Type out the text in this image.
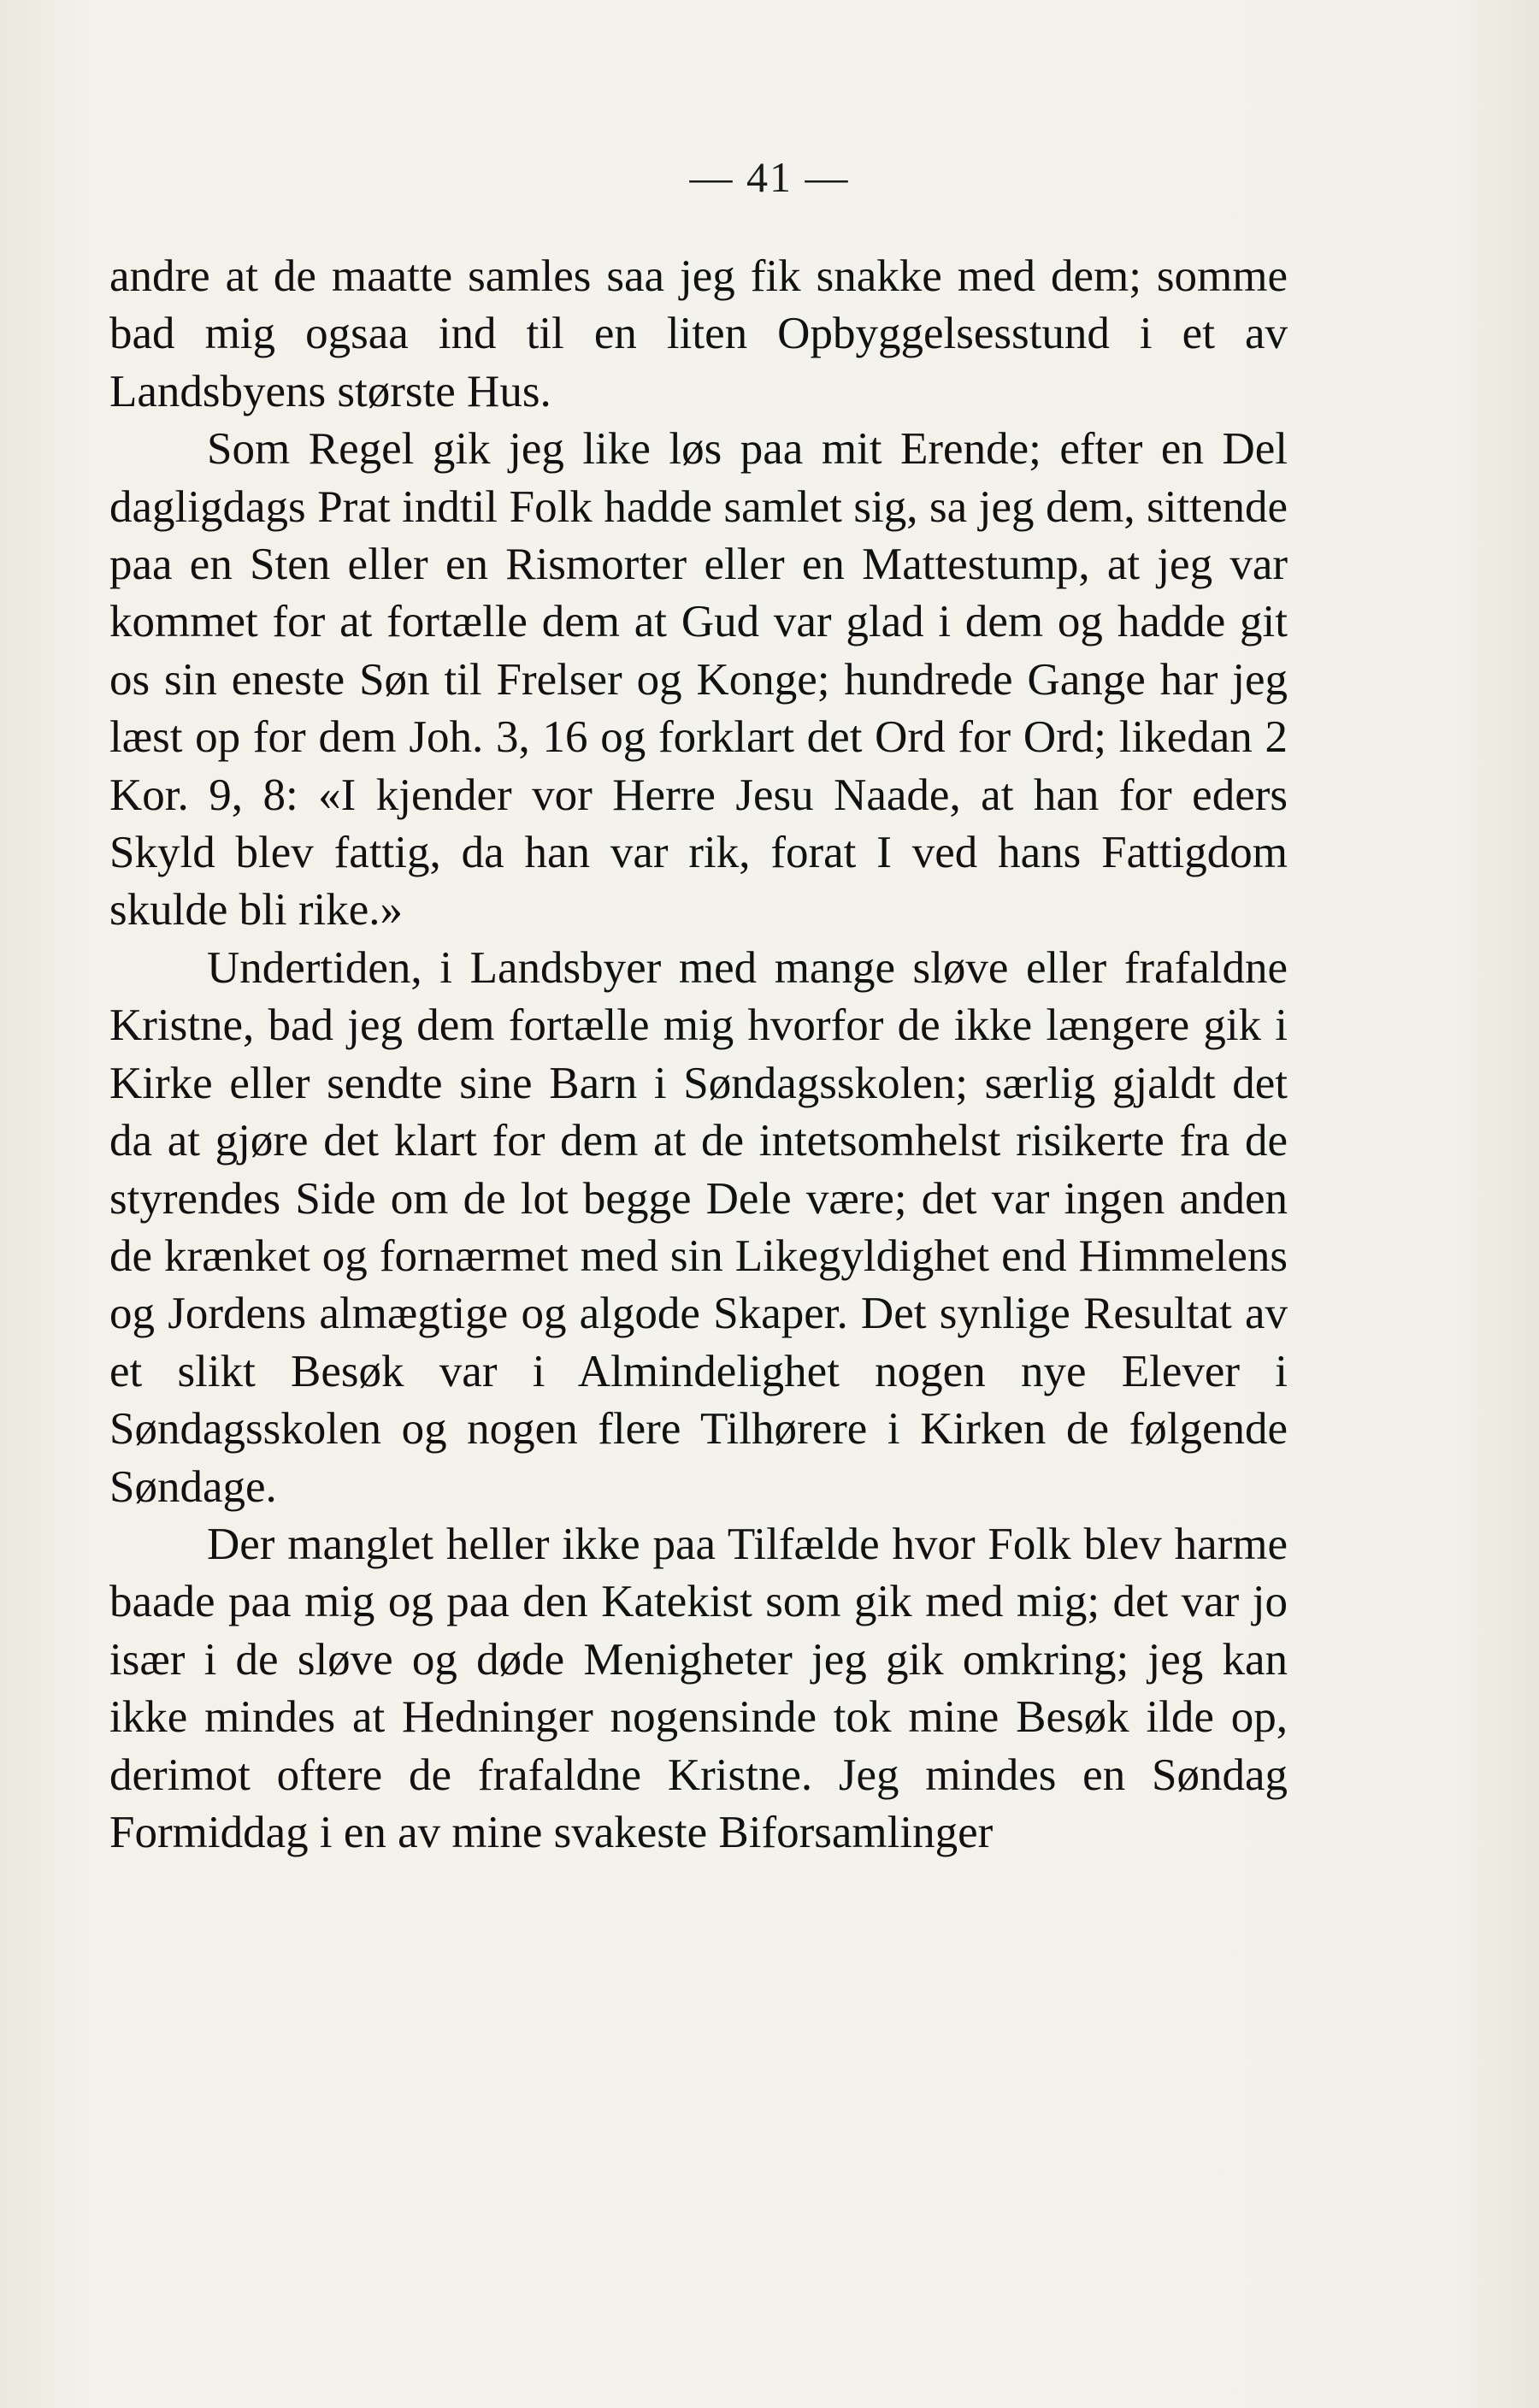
— 41 —

andre at de maatte samles saa jeg fik snakke med dem; somme bad mig ogsaa ind til en liten Opbyggelsesstund i et av Landsbyens største Hus.

Som Regel gik jeg like løs paa mit Erende; efter en Del dagligdags Prat indtil Folk hadde samlet sig, sa jeg dem, sittende paa en Sten eller en Rismorter eller en Mattestump, at jeg var kommet for at fortælle dem at Gud var glad i dem og hadde git os sin eneste Søn til Frelser og Konge; hundrede Gange har jeg læst op for dem Joh. 3, 16 og forklart det Ord for Ord; likedan 2 Kor. 9, 8: «I kjender vor Herre Jesu Naade, at han for eders Skyld blev fattig, da han var rik, forat I ved hans Fattigdom skulde bli rike.»

Undertiden, i Landsbyer med mange sløve eller frafaldne Kristne, bad jeg dem fortælle mig hvorfor de ikke længere gik i Kirke eller sendte sine Barn i Søndagsskolen; særlig gjaldt det da at gjøre det klart for dem at de intetsomhelst risikerte fra de styrendes Side om de lot begge Dele være; det var ingen anden de krænket og fornærmet med sin Likegyldighet end Himmelens og Jordens almægtige og algode Skaper. Det synlige Resultat av et slikt Besøk var i Almindelighet nogen nye Elever i Søndagsskolen og nogen flere Tilhørere i Kirken de følgende Søndage.

Der manglet heller ikke paa Tilfælde hvor Folk blev harme baade paa mig og paa den Katekist som gik med mig; det var jo især i de sløve og døde Menigheter jeg gik omkring; jeg kan ikke mindes at Hedninger nogensinde tok mine Besøk ilde op, derimot oftere de frafaldne Kristne. Jeg mindes en Søndag Formiddag i en av mine svakeste Biforsamlinger
